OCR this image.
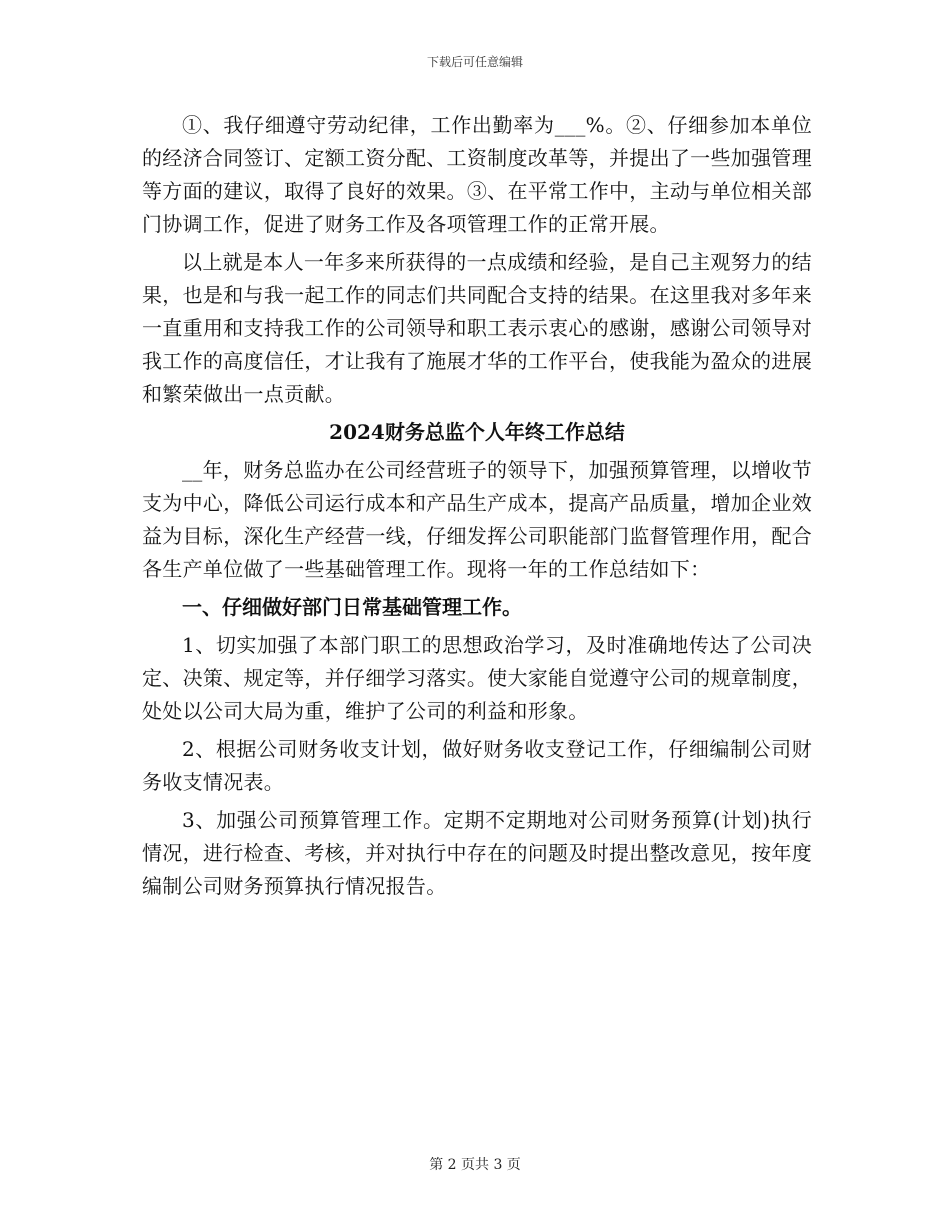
下载后可任意编辑

①、我仔细遵守劳动纪律，工作出勤率为___%。②、仔细参加本单位的经济合同签订、定额工资分配、工资制度改革等，并提出了一些加强管理等方面的建议，取得了良好的效果。③、在平常工作中，主动与单位相关部门协调工作，促进了财务工作及各项管理工作的正常开展。

以上就是本人一年多来所获得的一点成绩和经验，是自己主观努力的结果，也是和与我一起工作的同志们共同配合支持的结果。在这里我对多年来一直重用和支持我工作的公司领导和职工表示衷心的感谢，感谢公司领导对我工作的高度信任，才让我有了施展才华的工作平台，使我能为盈众的进展和繁荣做出一点贡献。

2024财务总监个人年终工作总结

__年，财务总监办在公司经营班子的领导下，加强预算管理，以增收节支为中心，降低公司运行成本和产品生产成本，提高产品质量，增加企业效益为目标，深化生产经营一线，仔细发挥公司职能部门监督管理作用，配合各生产单位做了一些基础管理工作。现将一年的工作总结如下：

一、仔细做好部门日常基础管理工作。

1、切实加强了本部门职工的思想政治学习，及时准确地传达了公司决定、决策、规定等，并仔细学习落实。使大家能自觉遵守公司的规章制度，处处以公司大局为重，维护了公司的利益和形象。

2、根据公司财务收支计划，做好财务收支登记工作，仔细编制公司财务收支情况表。

3、加强公司预算管理工作。定期不定期地对公司财务预算(计划)执行情况，进行检查、考核，并对执行中存在的问题及时提出整改意见，按年度编制公司财务预算执行情况报告。

第 2 页共 3 页
